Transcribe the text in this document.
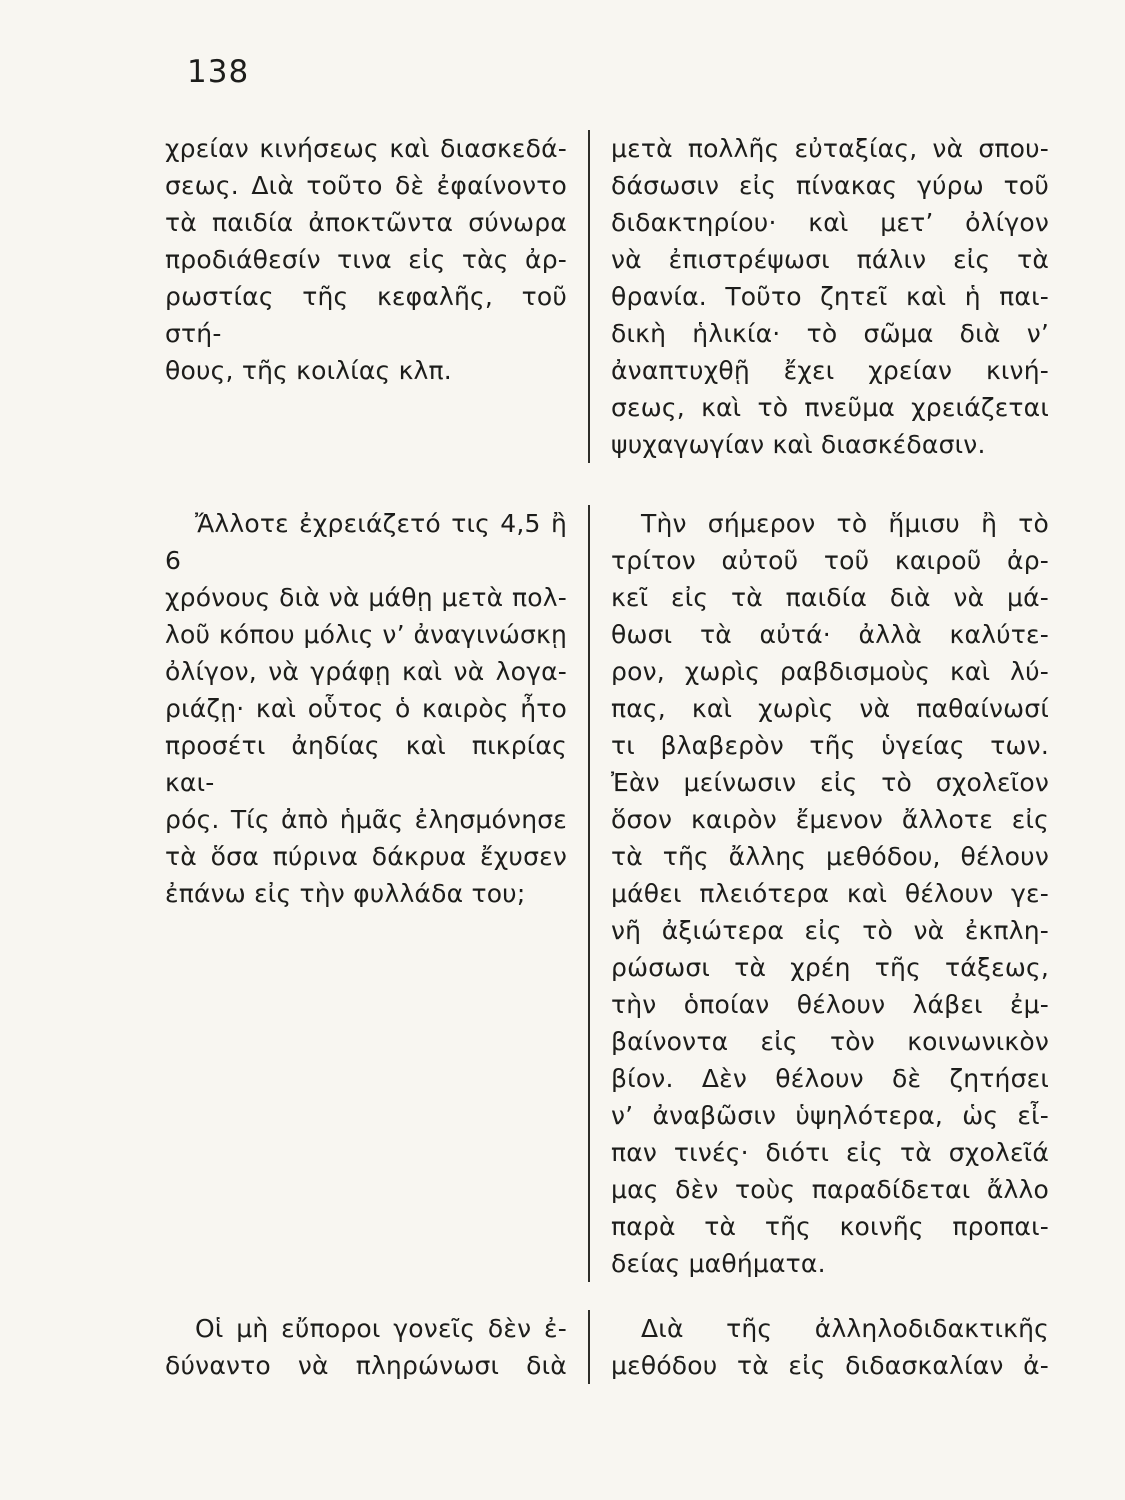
138
χρείαν κινήσεως καὶ διασκεδά-
σεως. Διὰ τοῦτο δὲ ἐφαίνοντο
τὰ παιδία ἀποκτῶντα σύνωρα
προδιάθεσίν τινα εἰς τὰς ἀρ-
ρωστίας τῆς κεφαλῆς, τοῦ στή-
θους, τῆς κοιλίας κλπ.
μετὰ πολλῆς εὐταξίας, νὰ σπου-
δάσωσιν εἰς πίνακας γύρω τοῦ
διδακτηρίου· καὶ μετ’ ὀλίγον
νὰ ἐπιστρέψωσι πάλιν εἰς τὰ
θρανία. Τοῦτο ζητεῖ καὶ ἡ παι-
δικὴ ἡλικία· τὸ σῶμα διὰ ν’
ἀναπτυχθῇ ἔχει χρείαν κινή-
σεως, καὶ τὸ πνεῦμα χρειάζεται
ψυχαγωγίαν καὶ διασκέδασιν.
Ἄλλοτε ἐχρειάζετό τις 4,5 ἢ 6
χρόνους διὰ νὰ μάθῃ μετὰ πολ-
λοῦ κόπου μόλις ν’ ἀναγινώσκῃ
ὀλίγον, νὰ γράφῃ καὶ νὰ λογα-
ριάζῃ· καὶ οὗτος ὁ καιρὸς ἦτο
προσέτι ἀηδίας καὶ πικρίας και-
ρός. Τίς ἀπὸ ἡμᾶς ἐλησμόνησε
τὰ ὅσα πύρινα δάκρυα ἔχυσεν
ἐπάνω εἰς τὴν φυλλάδα του;
Τὴν σήμερον τὸ ἥμισυ ἢ τὸ
τρίτον αὐτοῦ τοῦ καιροῦ ἀρ-
κεῖ εἰς τὰ παιδία διὰ νὰ μά-
θωσι τὰ αὐτά· ἀλλὰ καλύτε-
ρον, χωρὶς ραβδισμοὺς καὶ λύ-
πας, καὶ χωρὶς νὰ παθαίνωσί
τι βλαβερὸν τῆς ὑγείας των.
Ἐὰν μείνωσιν εἰς τὸ σχολεῖον
ὅσον καιρὸν ἔμενον ἄλλοτε εἰς
τὰ τῆς ἄλλης μεθόδου, θέλουν
μάθει πλειότερα καὶ θέλουν γε-
νῆ ἀξιώτερα εἰς τὸ νὰ ἐκπλη-
ρώσωσι τὰ χρέη τῆς τάξεως,
τὴν ὁποίαν θέλουν λάβει ἐμ-
βαίνοντα εἰς τὸν κοινωνικὸν
βίον. Δὲν θέλουν δὲ ζητήσει
ν’ ἀναβῶσιν ὑψηλότερα, ὡς εἶ-
παν τινές· διότι εἰς τὰ σχολεῖά
μας δὲν τοὺς παραδίδεται ἄλλο
παρὰ τὰ τῆς κοινῆς προπαι-
δείας μαθήματα.
Οἱ μὴ εὔποροι γονεῖς δὲν ἐ-
δύναντο νὰ πληρώνωσι διὰ
Διὰ τῆς ἀλληλοδιδακτικῆς
μεθόδου τὰ εἰς διδασκαλίαν ἀ-
